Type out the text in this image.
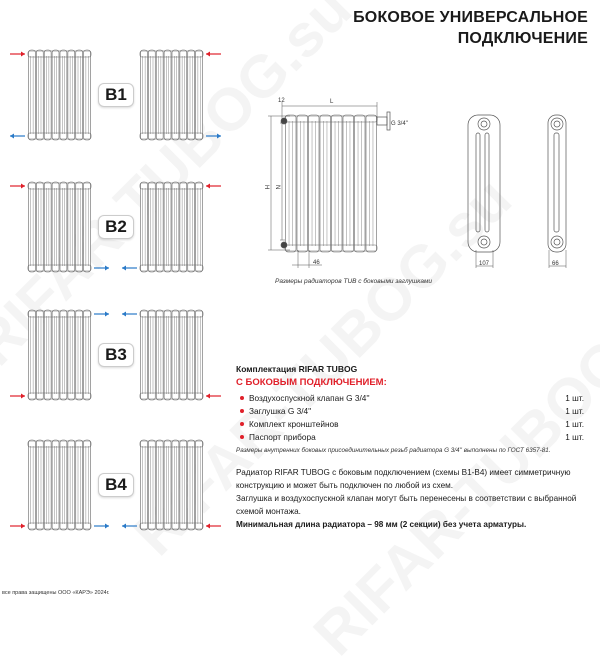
БОКОВОЕ УНИВЕРСАЛЬНОЕ
ПОДКЛЮЧЕНИЕ
B1
B2
B3
B4
12	L
H N
46
G 3/4''
107	66
Размеры радиаторов TUB с боковыми заглушками
Комплектация RIFAR TUBOG
С БОКОВЫМ ПОДКЛЮЧЕНИЕМ:
Воздухоспускной клапан G 3/4''	1 шт.
Заглушка G 3/4''	1 шт.
Комплект кронштейнов	1 шт.
Паспорт прибора	1 шт.
Размеры внутренних боковых присоединительных резьб радиатора G 3/4'' выполнены по ГОСТ 6357-81.

Радиатор RIFAR TUBOG с боковым подключением (схемы В1-В4) имеет симметричную конструкцию и может быть подключен по любой из схем.

Заглушка и воздухоспускной клапан могут быть перенесены в соответствии с выбранной схемой монтажа.

Минимальная длина радиатора – 98 мм (2 секции) без учета арматуры.

все права защищены ООО «КАРЭ» 2024г.
